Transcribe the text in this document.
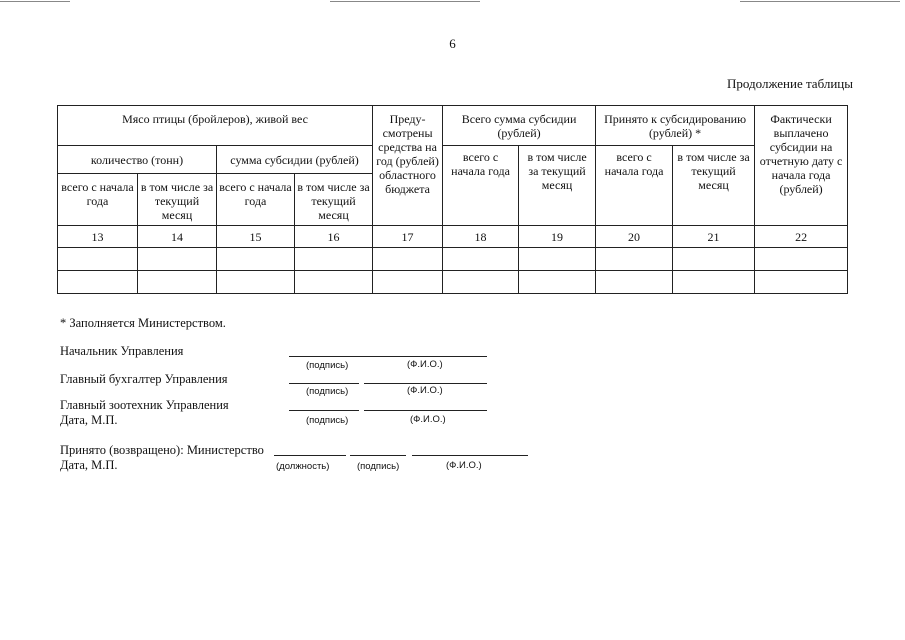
6
Продолжение таблицы
Мясо птицы (бройлеров), живой вес				Преду-смотрены средства на год (рублей) областного бюджета	Всего сумма субсидии (рублей)		Принято к субсидированию (рублей) *		Фактически выплачено субсидии на отчетную дату с начала года (рублей)
количество (тонн)		сумма субсидии (рублей)			всего с начала года	в том числе за текущий месяц	всего с начала года	в том числе за текущий месяц	
всего с начала года	в том числе за текущий месяц	всего с начала года	в том числе за текущий месяц						
13	14	15	16	17	18	19	20	21	22

* Заполняется Министерством.
Начальник Управления
(подпись)	(Ф.И.О.)
Главный бухгалтер Управления
(подпись)	(Ф.И.О.)
Главный зоотехник Управления
Дата, М.П.	(подпись)	(Ф.И.О.)
Принято (возвращено): Министерство
Дата, М.П.	(должность)	(подпись)	(Ф.И.О.)
